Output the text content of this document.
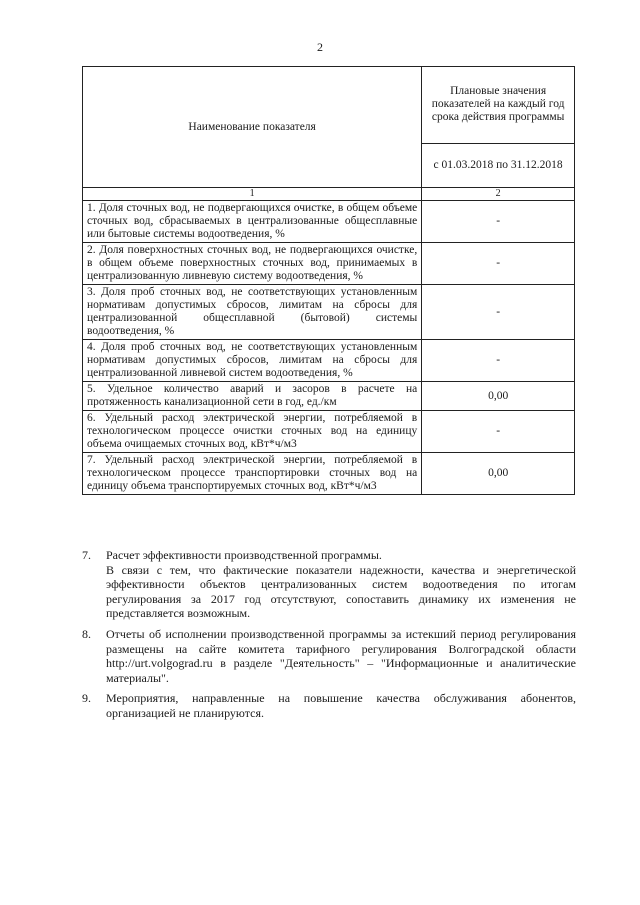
2
Наименование показателя	Плановые значения показателей на каждый год срока действия программы
	с 01.03.2018 по 31.12.2018
1	2
1. Доля сточных вод, не подвергающихся очистке, в общем объеме сточных вод, сбрасываемых в централизованные общесплавные или бытовые системы водоотведения, %	-
2. Доля поверхностных сточных вод, не подвергающихся очистке, в общем объеме поверхностных сточных вод, принимаемых в централизованную ливневую систему водоотведения, %	-
3. Доля проб сточных вод, не соответствующих установленным нормативам допустимых сбросов, лимитам на сбросы для централизованной общесплавной (бытовой) системы водоотведения, %	-
4. Доля проб сточных вод, не соответствующих установленным нормативам допустимых сбросов, лимитам на сбросы для централизованной ливневой систем водоотведения, %	-
5. Удельное количество аварий и засоров в расчете на протяженность канализационной сети в год, ед./км	0,00
6. Удельный расход электрической энергии, потребляемой в технологическом процессе очистки сточных вод на единицу объема очищаемых сточных вод, кВт*ч/м3	-
7. Удельный расход электрической энергии, потребляемой в технологическом процессе транспортировки сточных вод на единицу объема транспортируемых сточных вод, кВт*ч/м3	0,00
7.	Расчет эффективности производственной программы.
В связи с тем, что фактические показатели надежности, качества и энергетической эффективности объектов централизованных систем водоотведения по итогам регулирования за 2017 год отсутствуют, сопоставить динамику их изменения не представляется возможным.
8.	Отчеты об исполнении производственной программы за истекший период регулирования размещены на сайте комитета тарифного регулирования Волгоградской области http://urt.volgograd.ru в разделе "Деятельность" – "Информационные и аналитические материалы".
9.	Мероприятия, направленные на повышение качества обслуживания абонентов, организацией не планируются.
